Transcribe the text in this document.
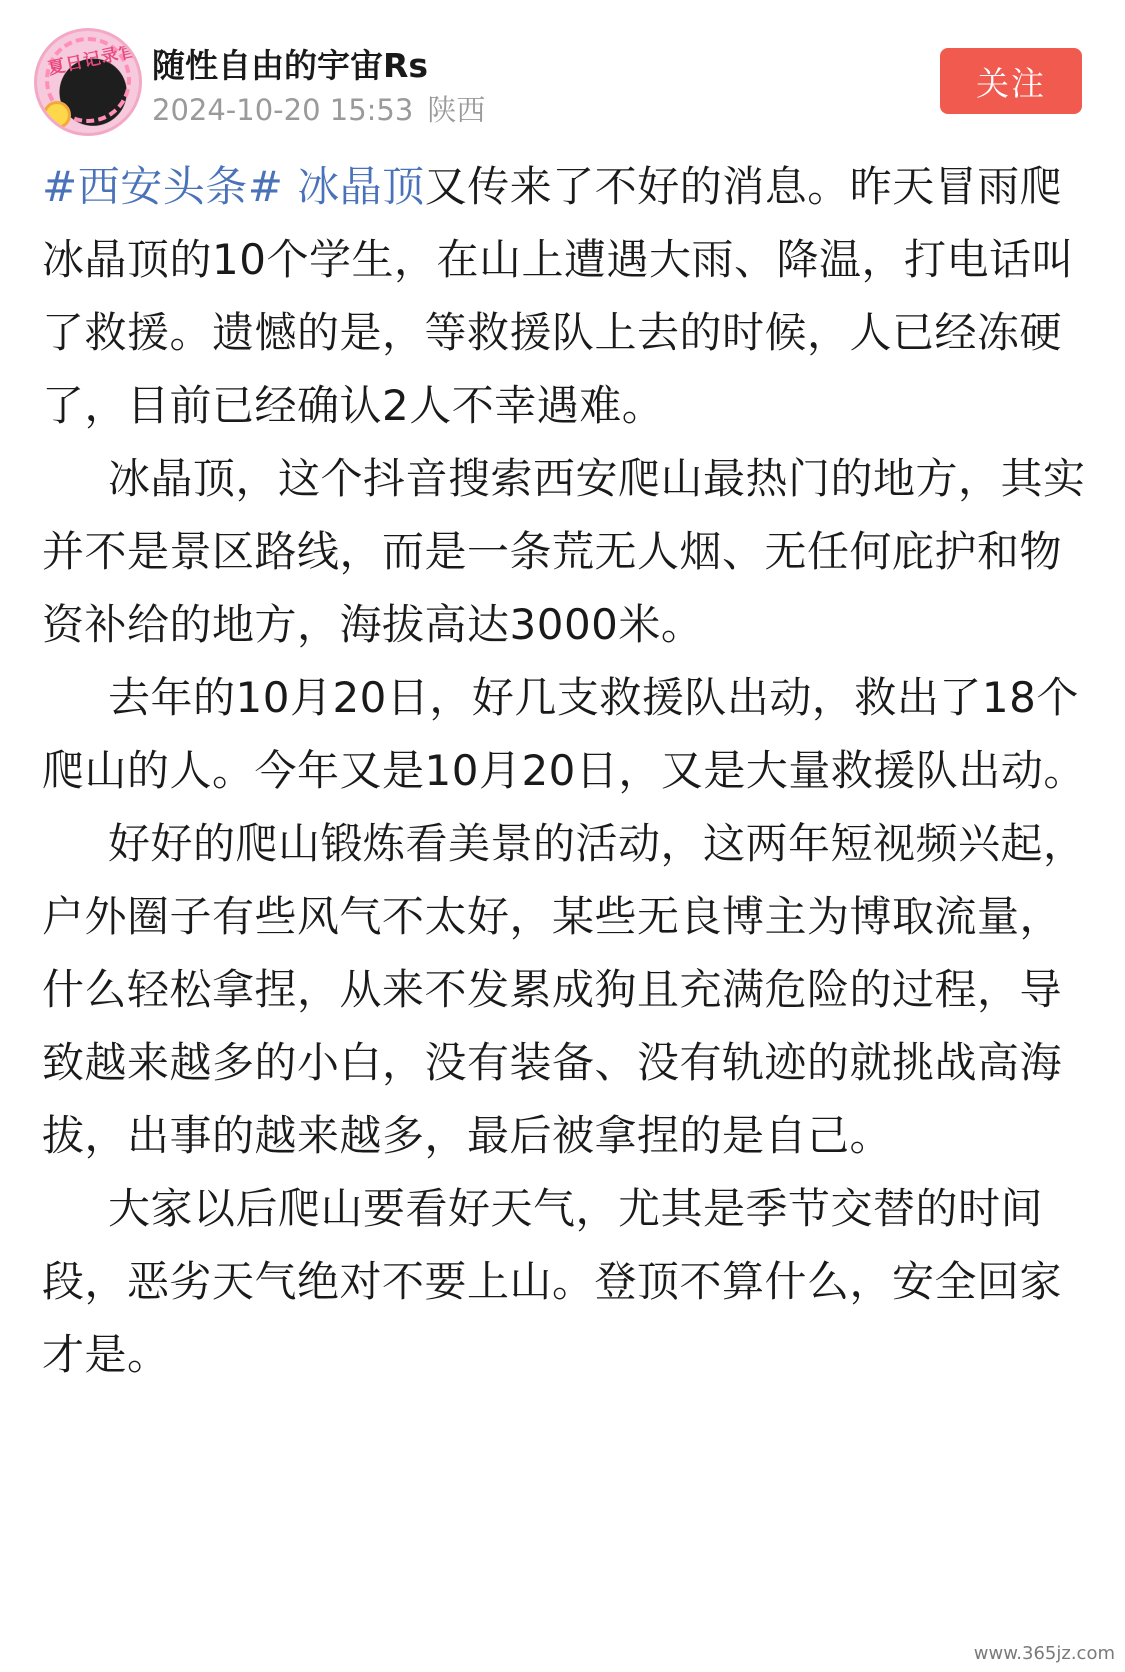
夏日记录官 随性自由的宇宙Rs
2024-10-20 15:53 陕西
关注

#西安头条# 冰晶顶又传来了不好的消息。昨天冒雨爬冰晶顶的10个学生，在山上遭遇大雨、降温，打电话叫了救援。遗憾的是，等救援队上去的时候，人已经冻硬了，目前已经确认2人不幸遇难。

冰晶顶，这个抖音搜索西安爬山最热门的地方，其实并不是景区路线，而是一条荒无人烟、无任何庇护和物资补给的地方，海拔高达3000米。

去年的10月20日，好几支救援队出动，救出了18个爬山的人。今年又是10月20日，又是大量救援队出动。

好好的爬山锻炼看美景的活动，这两年短视频兴起，户外圈子有些风气不太好，某些无良博主为博取流量，什么轻松拿捏，从来不发累成狗且充满危险的过程，导致越来越多的小白，没有装备、没有轨迹的就挑战高海拔，出事的越来越多，最后被拿捏的是自己。

大家以后爬山要看好天气，尤其是季节交替的时间段，恶劣天气绝对不要上山。登顶不算什么，安全回家才是。

www.365jz.com
